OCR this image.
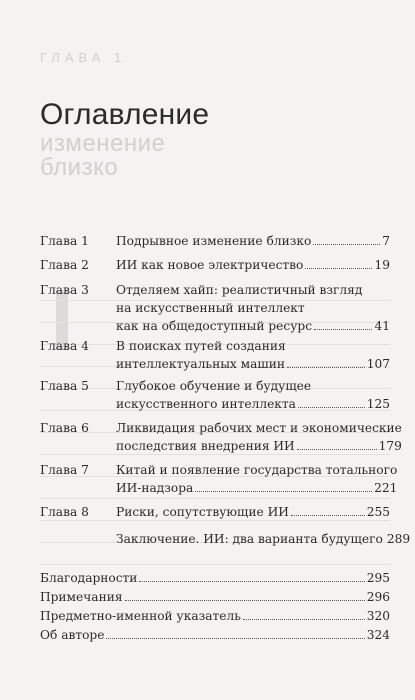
ГЛАВА 1
изменение близко
Оглавление
Глава 1	Подрывное изменение близко	7
Глава 2	ИИ как новое электричество	19
Глава 3	Отделяем хайп: реалистичный взгляд
на искусственный интеллект
как на общедоступный ресурс	41
Глава 4	В поисках путей создания
интеллектуальных машин	107
Глава 5	Глубокое обучение и будущее
искусственного интеллекта	125
Глава 6	Ликвидация рабочих мест и экономические
последствия внедрения ИИ	179
Глава 7	Китай и появление государства тотального
ИИ-надзора	221
Глава 8	Риски, сопутствующие ИИ	255
Заключение. ИИ: два варианта будущего 289
Благодарности	295
Примечания	296
Предметно-именной указатель	320
Об авторе	324
